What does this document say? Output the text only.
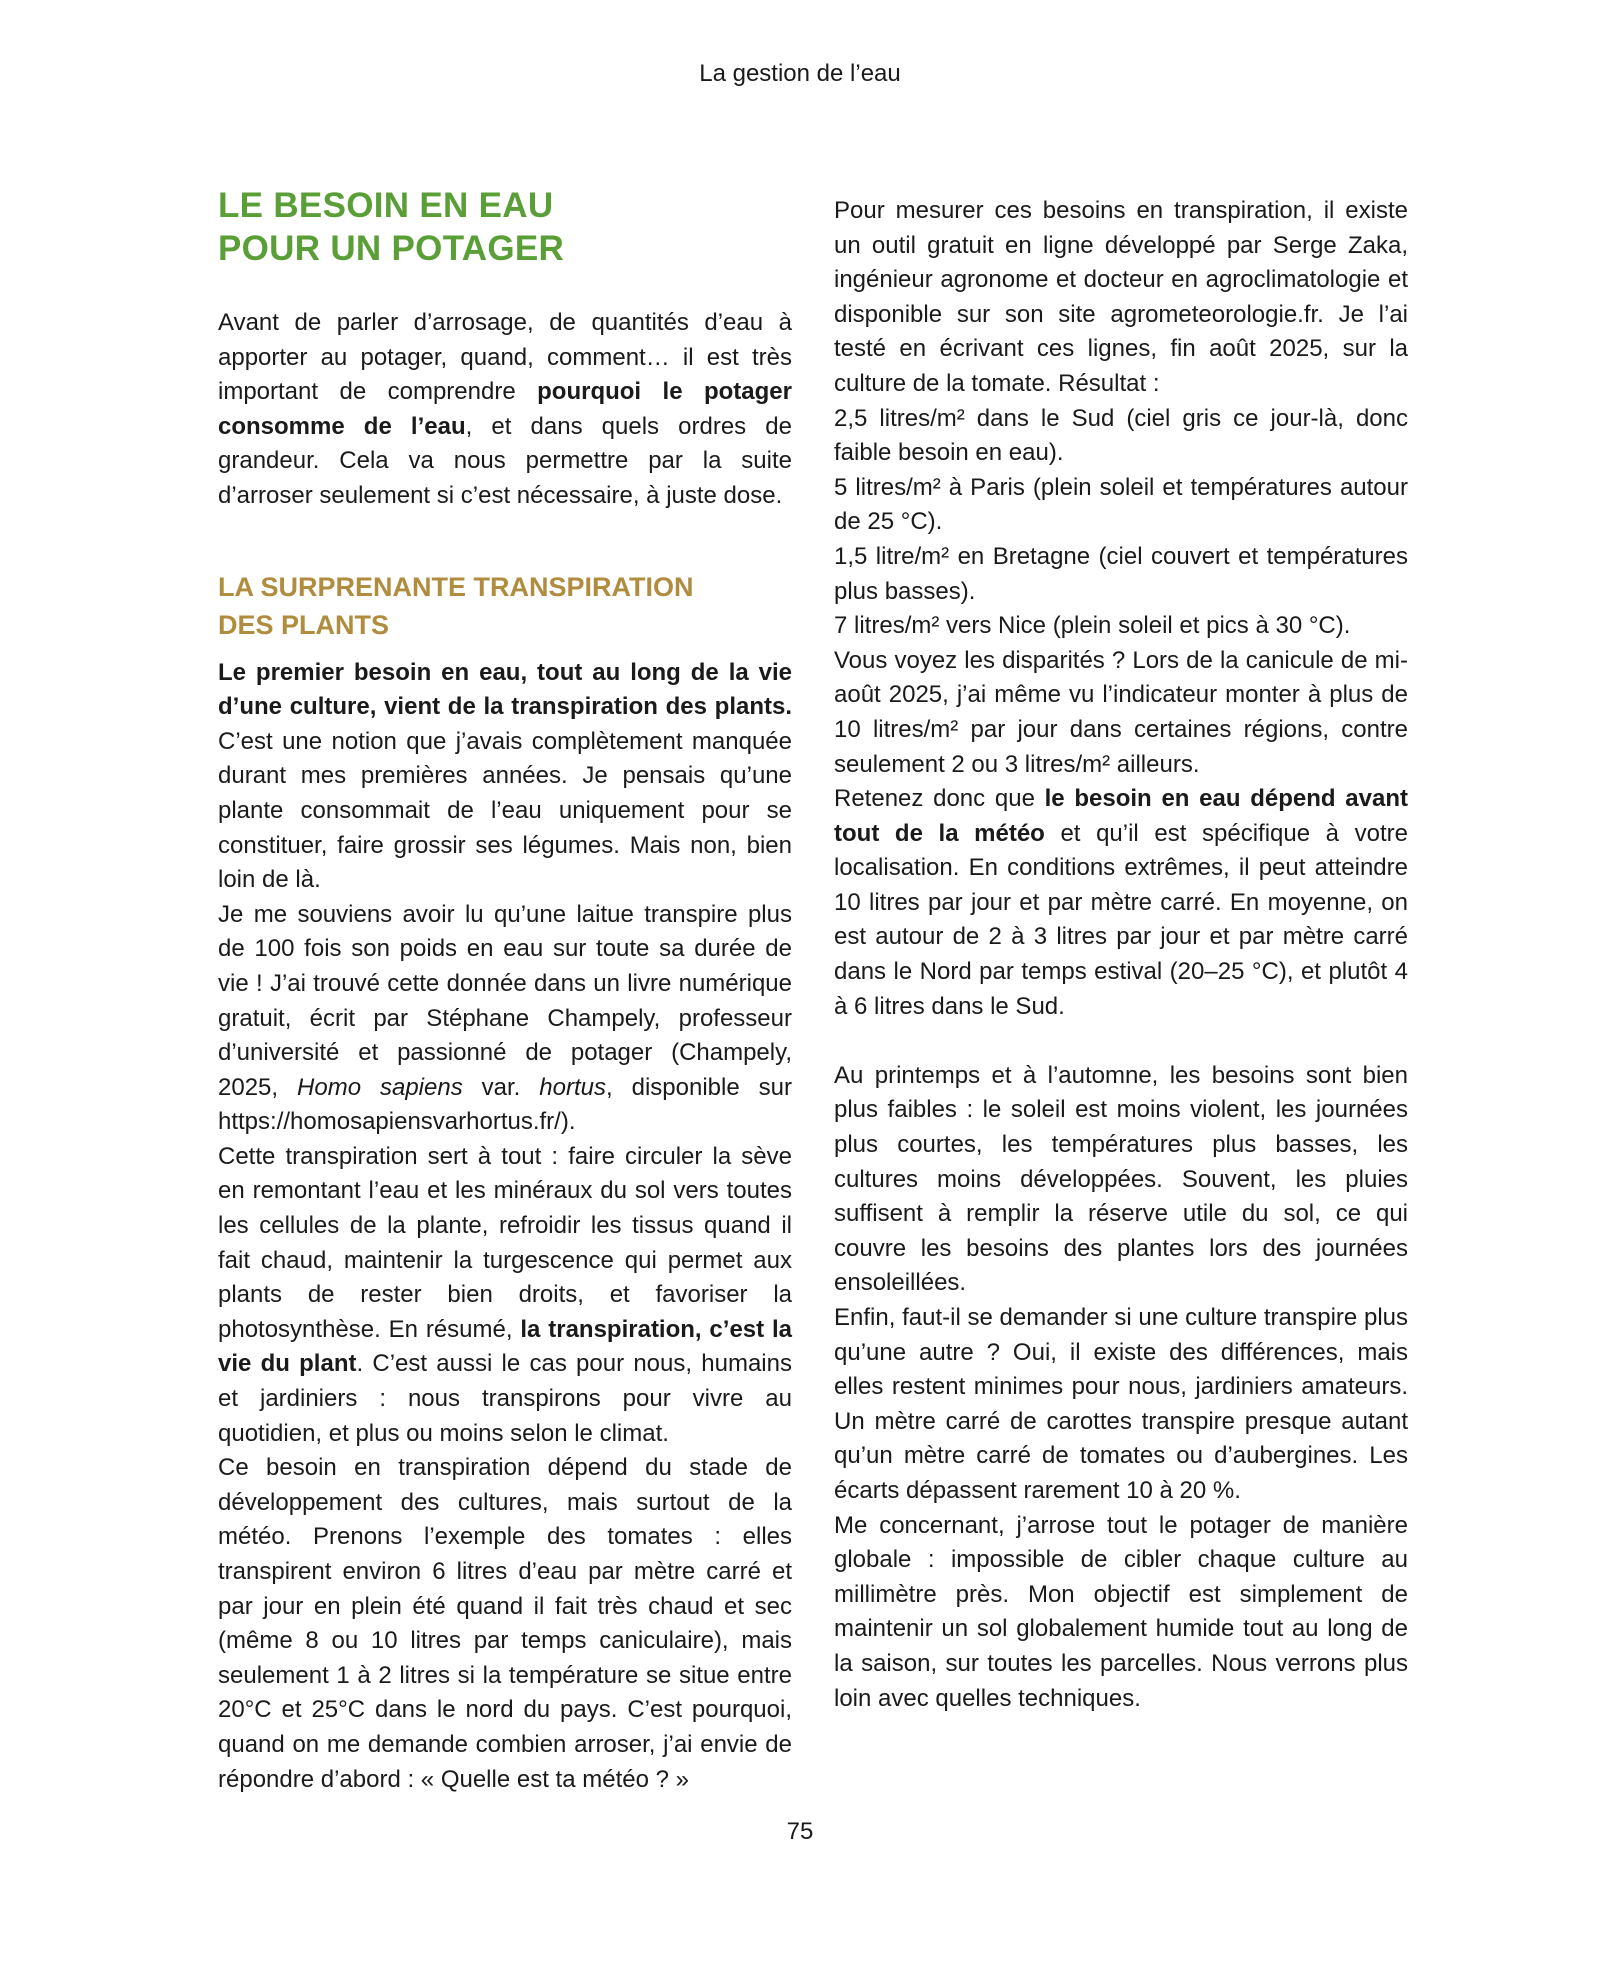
La gestion de l’eau
LE BESOIN EN EAU
POUR UN POTAGER

Avant de parler d’arrosage, de quantités d’eau à apporter au potager, quand, comment… il est très important de comprendre pourquoi le potager consomme de l’eau, et dans quels ordres de grandeur. Cela va nous permettre par la suite d’arroser seulement si c’est nécessaire, à juste dose.

LA SURPRENANTE TRANSPIRATION
DES PLANTS

Le premier besoin en eau, tout au long de la vie d’une culture, vient de la transpiration des plants. C’est une notion que j’avais complètement manquée durant mes premières années. Je pensais qu’une plante consommait de l’eau uniquement pour se constituer, faire grossir ses légumes. Mais non, bien loin de là.

Je me souviens avoir lu qu’une laitue transpire plus de 100 fois son poids en eau sur toute sa durée de vie ! J’ai trouvé cette donnée dans un livre numérique gratuit, écrit par Stéphane Champely, professeur d’université et passionné de potager (Champely, 2025, Homo sapiens var. hortus, disponible sur https://homosapiensvarhortus.fr/).

Cette transpiration sert à tout : faire circuler la sève en remontant l’eau et les minéraux du sol vers toutes les cellules de la plante, refroidir les tissus quand il fait chaud, maintenir la turgescence qui permet aux plants de rester bien droits, et favoriser la photosynthèse. En résumé, la transpiration, c’est la vie du plant. C’est aussi le cas pour nous, humains et jardiniers : nous transpirons pour vivre au quotidien, et plus ou moins selon le climat.

Ce besoin en transpiration dépend du stade de développement des cultures, mais surtout de la météo. Prenons l’exemple des tomates : elles transpirent environ 6 litres d’eau par mètre carré et par jour en plein été quand il fait très chaud et sec (même 8 ou 10 litres par temps caniculaire), mais seulement 1 à 2 litres si la température se situe entre 20°C et 25°C dans le nord du pays. C’est pourquoi, quand on me demande combien arroser, j’ai envie de répondre d’abord : « Quelle est ta météo ? »

Pour mesurer ces besoins en transpiration, il existe un outil gratuit en ligne développé par Serge Zaka, ingénieur agronome et docteur en agroclimatologie et disponible sur son site agrometeorologie.fr. Je l’ai testé en écrivant ces lignes, fin août 2025, sur la culture de la tomate. Résultat :

2,5 litres/m² dans le Sud (ciel gris ce jour-là, donc faible besoin en eau).

5 litres/m² à Paris (plein soleil et températures autour de 25 °C).

1,5 litre/m² en Bretagne (ciel couvert et températures plus basses).

7 litres/m² vers Nice (plein soleil et pics à 30 °C).

Vous voyez les disparités ? Lors de la canicule de mi-août 2025, j’ai même vu l’indicateur monter à plus de 10 litres/m² par jour dans certaines régions, contre seulement 2 ou 3 litres/m² ailleurs.

Retenez donc que le besoin en eau dépend avant tout de la météo et qu’il est spécifique à votre localisation. En conditions extrêmes, il peut atteindre 10 litres par jour et par mètre carré. En moyenne, on est autour de 2 à 3 litres par jour et par mètre carré dans le Nord par temps estival (20–25 °C), et plutôt 4 à 6 litres dans le Sud.

Au printemps et à l’automne, les besoins sont bien plus faibles : le soleil est moins violent, les journées plus courtes, les températures plus basses, les cultures moins développées. Souvent, les pluies suffisent à remplir la réserve utile du sol, ce qui couvre les besoins des plantes lors des journées ensoleillées.

Enfin, faut-il se demander si une culture transpire plus qu’une autre ? Oui, il existe des différences, mais elles restent minimes pour nous, jardiniers amateurs. Un mètre carré de carottes transpire presque autant qu’un mètre carré de tomates ou d’aubergines. Les écarts dépassent rarement 10 à 20 %.

Me concernant, j’arrose tout le potager de manière globale : impossible de cibler chaque culture au millimètre près. Mon objectif est simplement de maintenir un sol globalement humide tout au long de la saison, sur toutes les parcelles. Nous verrons plus loin avec quelles techniques.

75
